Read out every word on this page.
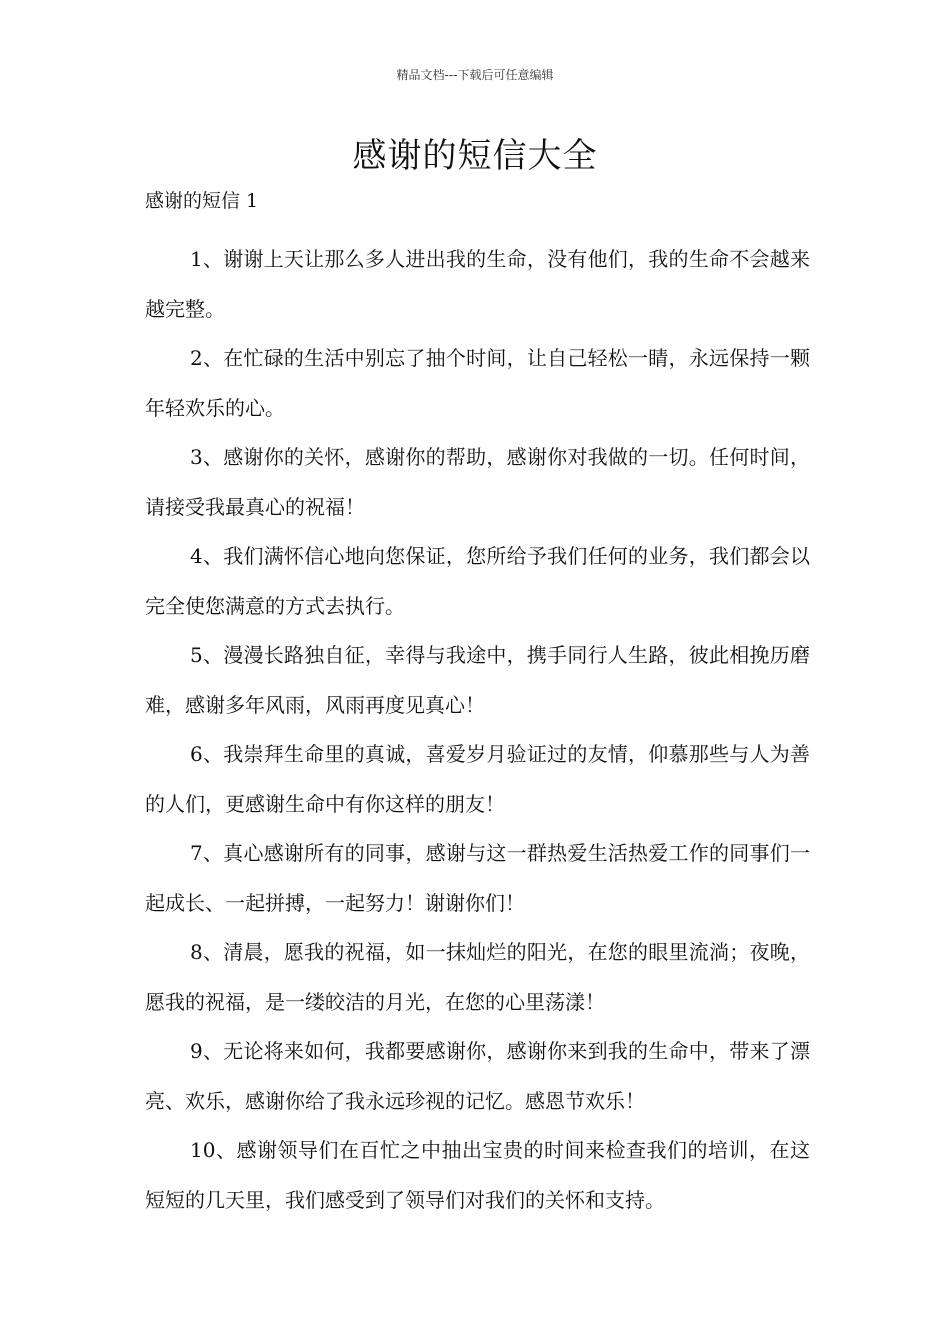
精品文档---下载后可任意编辑
感谢的短信大全
感谢的短信 1

1、谢谢上天让那么多人进出我的生命，没有他们，我的生命不会越来越完整。

2、在忙碌的生活中别忘了抽个时间，让自己轻松一睛，永远保持一颗年轻欢乐的心。

3、感谢你的关怀，感谢你的帮助，感谢你对我做的一切。任何时间，请接受我最真心的祝福！

4、我们满怀信心地向您保证，您所给予我们任何的业务，我们都会以完全使您满意的方式去执行。

5、漫漫长路独自征，幸得与我途中，携手同行人生路，彼此相挽历磨难，感谢多年风雨，风雨再度见真心！

6、我崇拜生命里的真诚，喜爱岁月验证过的友情，仰慕那些与人为善的人们，更感谢生命中有你这样的朋友！

7、真心感谢所有的同事，感谢与这一群热爱生活热爱工作的同事们一起成长、一起拼搏，一起努力！谢谢你们！

8、清晨，愿我的祝福，如一抹灿烂的阳光，在您的眼里流淌；夜晚，愿我的祝福，是一缕皎洁的月光，在您的心里荡漾！

9、无论将来如何，我都要感谢你，感谢你来到我的生命中，带来了漂亮、欢乐，感谢你给了我永远珍视的记忆。感恩节欢乐！

10、感谢领导们在百忙之中抽出宝贵的时间来检查我们的培训，在这短短的几天里，我们感受到了领导们对我们的关怀和支持。
